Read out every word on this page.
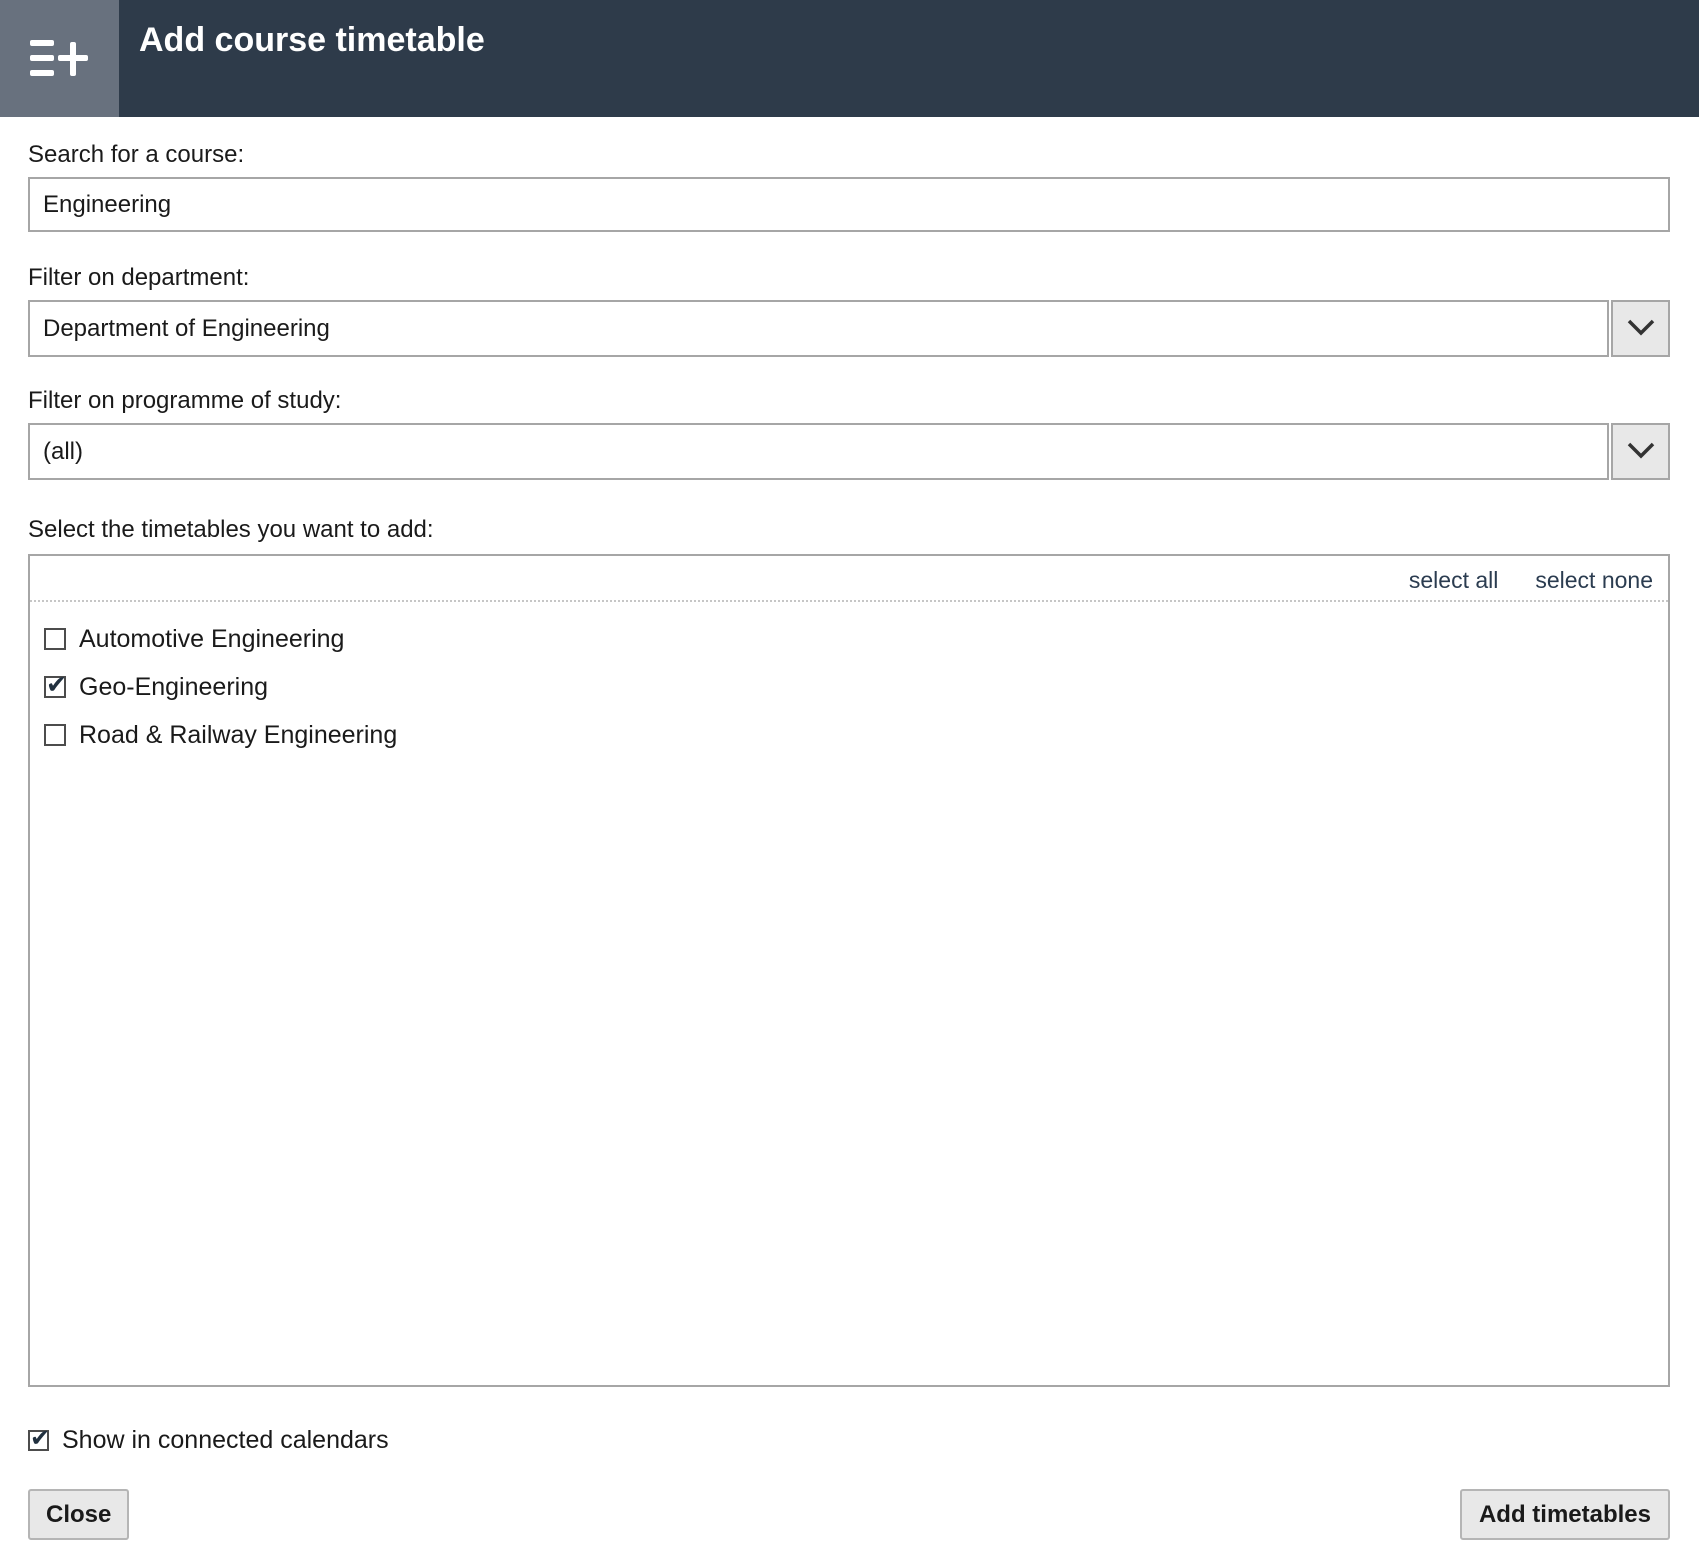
Add course timetable
Search for a course:
Engineering
Filter on department:
Department of Engineering
Filter on programme of study:
(all)
Select the timetables you want to add:
select all select none
Automotive Engineering
✔
Geo-Engineering
Road & Railway Engineering
✔
Show in connected calendars
Close	Add timetables
